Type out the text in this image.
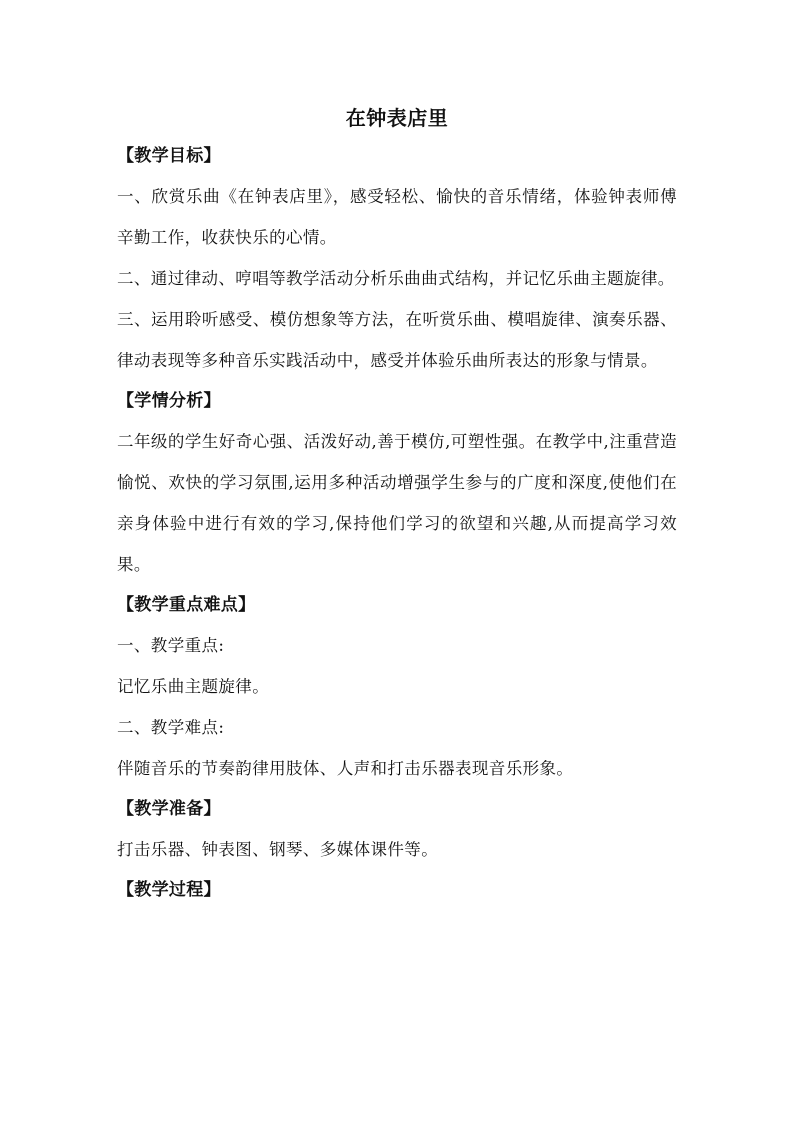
在钟表店里
【教学目标】

一、欣赏乐曲《在钟表店里》，感受轻松、愉快的音乐情绪，体验钟表师傅辛勤工作，收获快乐的心情。

二、通过律动、哼唱等教学活动分析乐曲曲式结构，并记忆乐曲主题旋律。

三、运用聆听感受、模仿想象等方法，在听赏乐曲、模唱旋律、演奏乐器、律动表现等多种音乐实践活动中，感受并体验乐曲所表达的形象与情景。

【学情分析】

二年级的学生好奇心强、活泼好动,善于模仿,可塑性强。在教学中,注重营造愉悦、欢快的学习氛围,运用多种活动增强学生参与的广度和深度,使他们在亲身体验中进行有效的学习,保持他们学习的欲望和兴趣,从而提高学习效果。

【教学重点难点】

一、教学重点:

记忆乐曲主题旋律。

二、教学难点:

伴随音乐的节奏韵律用肢体、人声和打击乐器表现音乐形象。

【教学准备】

打击乐器、钟表图、钢琴、多媒体课件等。

【教学过程】
